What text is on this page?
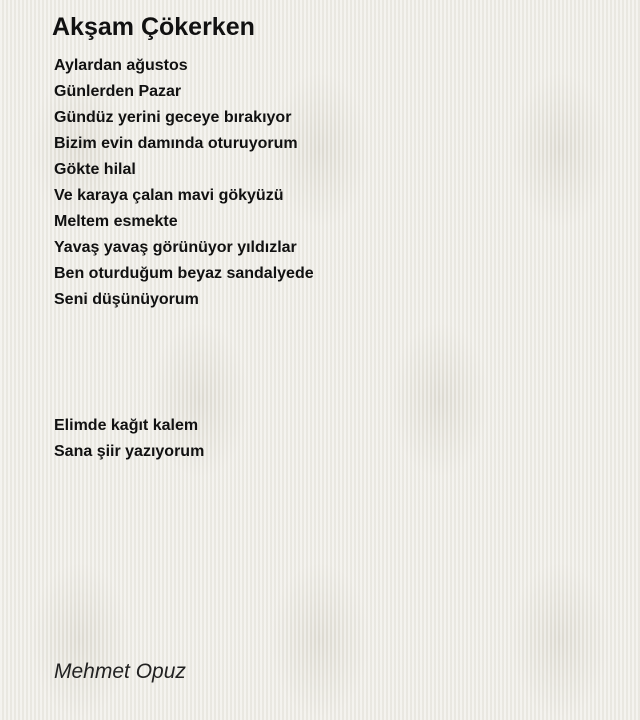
Akşam Çökerken
Aylardan ağustos
Günlerden Pazar
Gündüz yerini geceye bırakıyor
Bizim evin damında oturuyorum
Gökte hilal
Ve karaya çalan mavi gökyüzü
Meltem esmekte
Yavaş yavaş görünüyor yıldızlar
Ben oturduğum beyaz sandalyede
Seni düşünüyorum
Elimde kağıt kalem
Sana şiir yazıyorum

Mehmet Opuz
